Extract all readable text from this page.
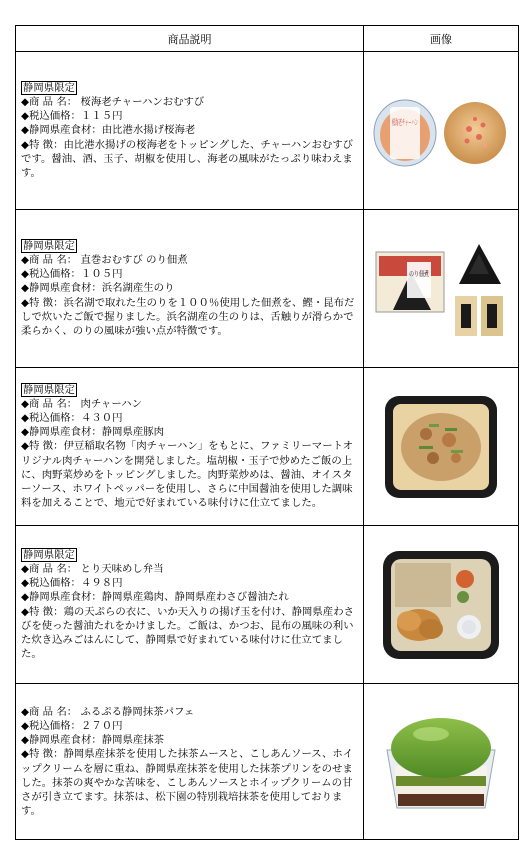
商品説明	画像
静岡県限定
◆商 品 名： 桜海老チャーハンおむすび
◆税込価格：１１５円
◆静岡県産食材：由比港水揚げ桜海老
◆特 徴：由比港水揚げの桜海老をトッピングした、チャーハンおむすびです。醤油、酒、玉子、胡椒を使用し、海老の風味がたっぷり味わえます。

静岡県限定
◆商 品 名： 直巻おむすび のり佃煮
◆税込価格：１０５円
◆静岡県産食材：浜名湖産生のり
◆特 徴：浜名湖で取れた生のりを１００％使用した佃煮を、鰹・昆布だしで炊いたご飯で握りました。浜名湖産の生のりは、舌触りが滑らかで柔らかく、のりの風味が強い点が特徴です。	のり佃煮

静岡県限定
◆商 品 名： 肉チャーハン
◆税込価格：４３０円
◆静岡県産食材：静岡県産豚肉
◆特 徴：伊豆稲取名物「肉チャーハン」をもとに、ファミリーマートオリジナル肉チャーハンを開発しました。塩胡椒・玉子で炒めたご飯の上に、肉野菜炒めをトッピングしました。肉野菜炒めは、醤油、オイスターソース、ホワイトペッパーを使用し、さらに中国醤油を使用した調味料を加えることで、地元で好まれている味付けに仕立てました。

静岡県限定
◆商 品 名： とり天味めし弁当
◆税込価格：４９８円
◆静岡県産食材：静岡県産鶏肉、静岡県産わさび醤油たれ
◆特 徴：鶏の天ぷらの衣に、いか天入りの揚げ玉を付け、静岡県産わさびを使った醤油たれをかけました。ご飯は、かつお、昆布の風味の利いた炊き込みごはんにして、静岡県で好まれている味付けに仕立てました。

◆商 品 名： ふるぷる静岡抹茶パフェ
◆税込価格：２７０円
◆静岡県産食材：静岡県産抹茶
◆特 徴：静岡県産抹茶を使用した抹茶ムースと、こしあんソース、ホイップクリームを層に重ね、静岡県産抹茶を使用した抹茶プリンをのせました。抹茶の爽やかな苦味を、こしあんソースとホイップクリームの甘さが引き立てます。抹茶は、松下園の特別栽培抹茶を使用しております。
